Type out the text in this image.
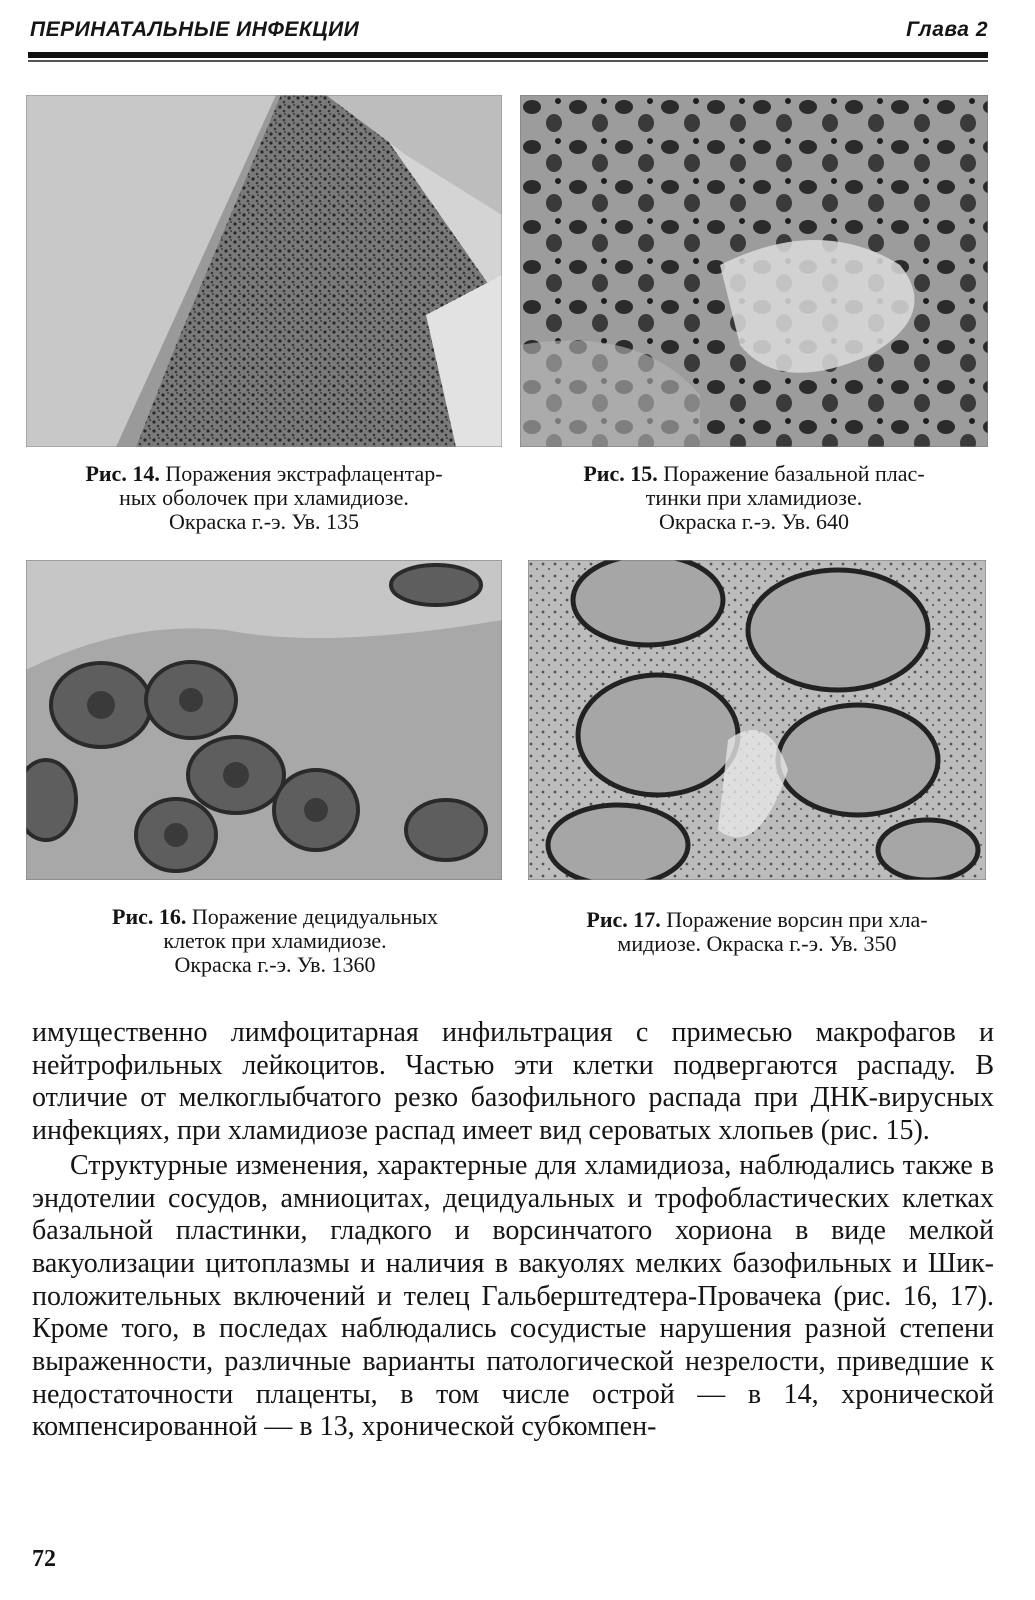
ПЕРИНАТАЛЬНЫЕ ИНФЕКЦИИ	Глава 2
Рис. 14. Поражения экстрафлацентар-
ных оболочек при хламидиозе.
Окраска г.-э. Ув. 135
Рис. 15. Поражение базальной плас-
тинки при хламидиозе.
Окраска г.-э. Ув. 640
Рис. 16. Поражение децидуальных
клеток при хламидиозе.
Окраска г.-э. Ув. 1360
Рис. 17. Поражение ворсин при хла-
мидиозе. Окраска г.-э. Ув. 350

имущественно лимфоцитарная инфильтрация с примесью макрофагов и нейтрофильных лейкоцитов. Частью эти клетки подвергаются распаду. В отличие от мелкоглыбчатого резко базофильного распада при ДНК-вирусных инфекциях, при хламидиозе распад имеет вид сероватых хлопьев (рис. 15).

Структурные изменения, характерные для хламидиоза, наблюдались также в эндотелии сосудов, амниоцитах, децидуальных и трофобластических клетках базальной пластинки, гладкого и ворсинчатого хориона в виде мелкой вакуолизации цитоплазмы и наличия в вакуолях мелких базофильных и Шик-положительных включений и телец Гальберштедтера-Провачека (рис. 16, 17). Кроме того, в последах наблюдались сосудистые нарушения разной степени выраженности, различные варианты патологической незрелости, приведшие к недостаточности плаценты, в том числе острой — в 14, хронической компенсированной — в 13, хронической субкомпен-

72
